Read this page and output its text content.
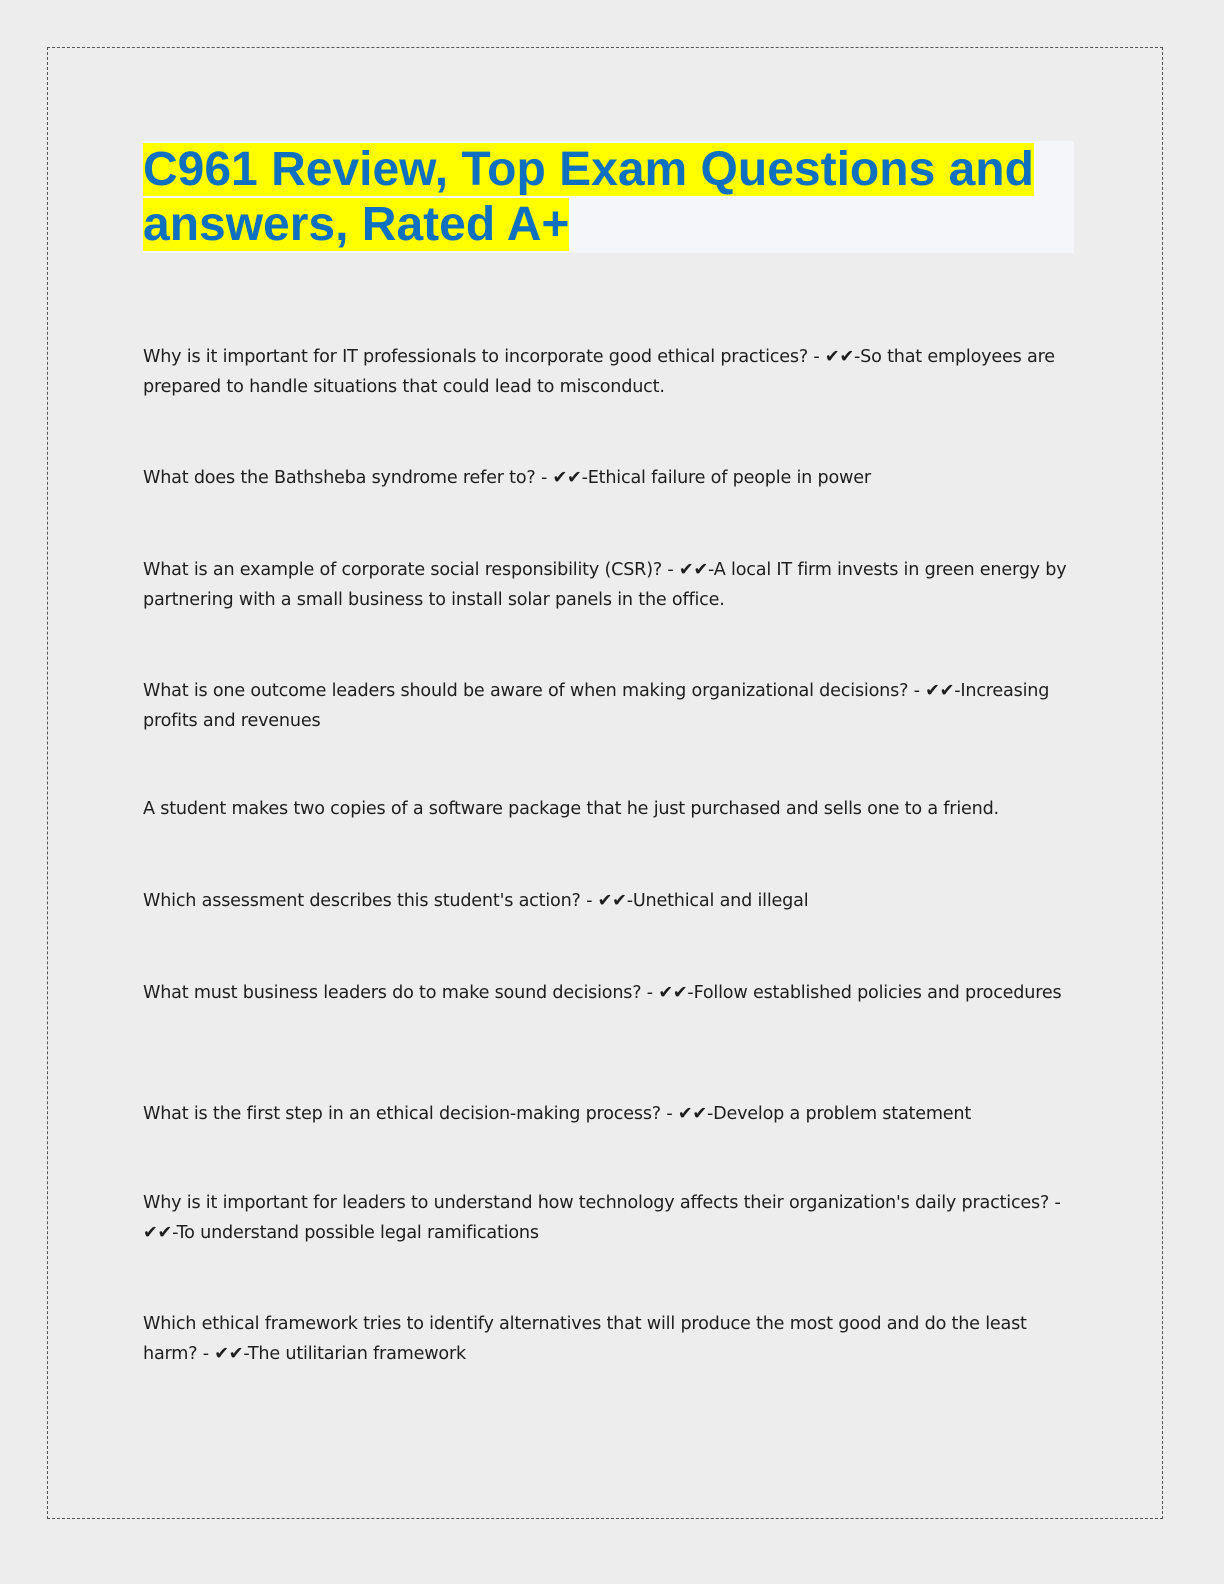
C961 Review, Top Exam Questions and answers, Rated A+

Why is it important for IT professionals to incorporate good ethical practices? - ✔✔-So that employees are prepared to handle situations that could lead to misconduct.

What does the Bathsheba syndrome refer to? - ✔✔-Ethical failure of people in power

What is an example of corporate social responsibility (CSR)? - ✔✔-A local IT firm invests in green energy by partnering with a small business to install solar panels in the office.

What is one outcome leaders should be aware of when making organizational decisions? - ✔✔-Increasing profits and revenues

A student makes two copies of a software package that he just purchased and sells one to a friend.

Which assessment describes this student's action? - ✔✔-Unethical and illegal

What must business leaders do to make sound decisions? - ✔✔-Follow established policies and procedures

What is the first step in an ethical decision-making process? - ✔✔-Develop a problem statement

Why is it important for leaders to understand how technology affects their organization's daily practices? - ✔✔-To understand possible legal ramifications

Which ethical framework tries to identify alternatives that will produce the most good and do the least harm? - ✔✔-The utilitarian framework
